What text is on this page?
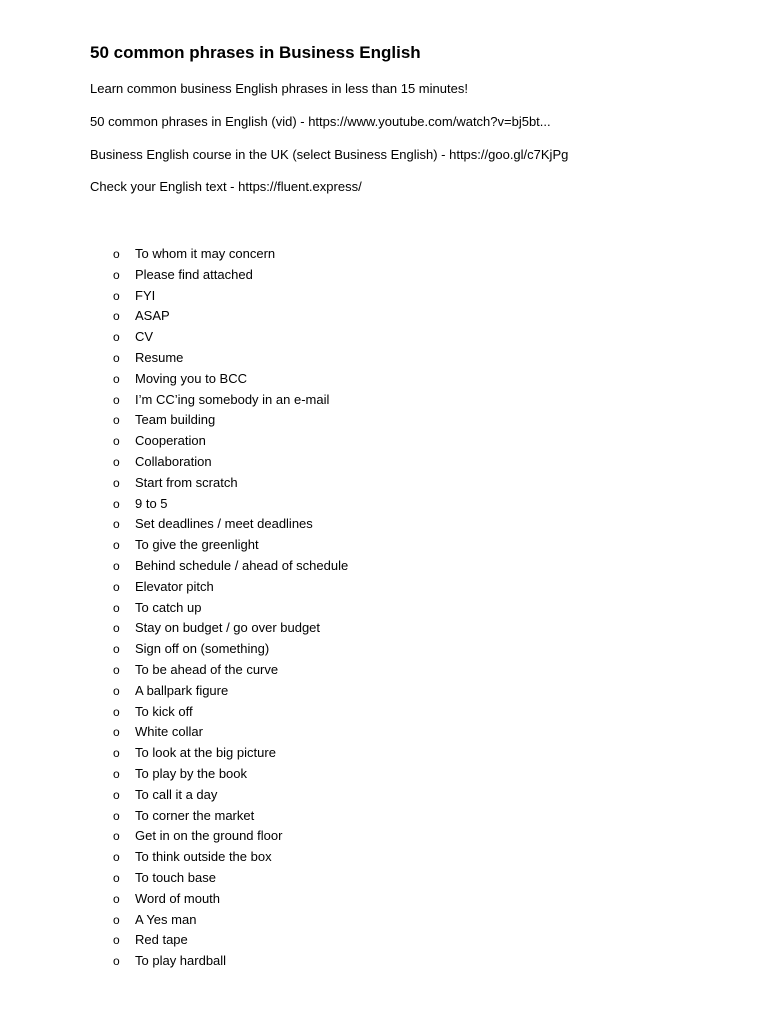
50 common phrases in Business English
Learn common business English phrases in less than 15 minutes!
50 common phrases in English (vid) - https://www.youtube.com/watch?v=bj5bt...
Business English course in the UK (select Business English) - https://goo.gl/c7KjPg
Check your English text - https://fluent.express/
o To whom it may concern
o Please find attached
o FYI
o ASAP
o CV
o Resume
o Moving you to BCC
o I’m CC’ing somebody in an e-mail
o Team building
o Cooperation
o Collaboration
o Start from scratch
o 9 to 5
o Set deadlines / meet deadlines
o To give the greenlight
o Behind schedule / ahead of schedule
o Elevator pitch
o To catch up
o Stay on budget / go over budget
o Sign off on (something)
o To be ahead of the curve
o A ballpark figure
o To kick off
o White collar
o To look at the big picture
o To play by the book
o To call it a day
o To corner the market
o Get in on the ground floor
o To think outside the box
o To touch base
o Word of mouth
o A Yes man
o Red tape
o To play hardball
